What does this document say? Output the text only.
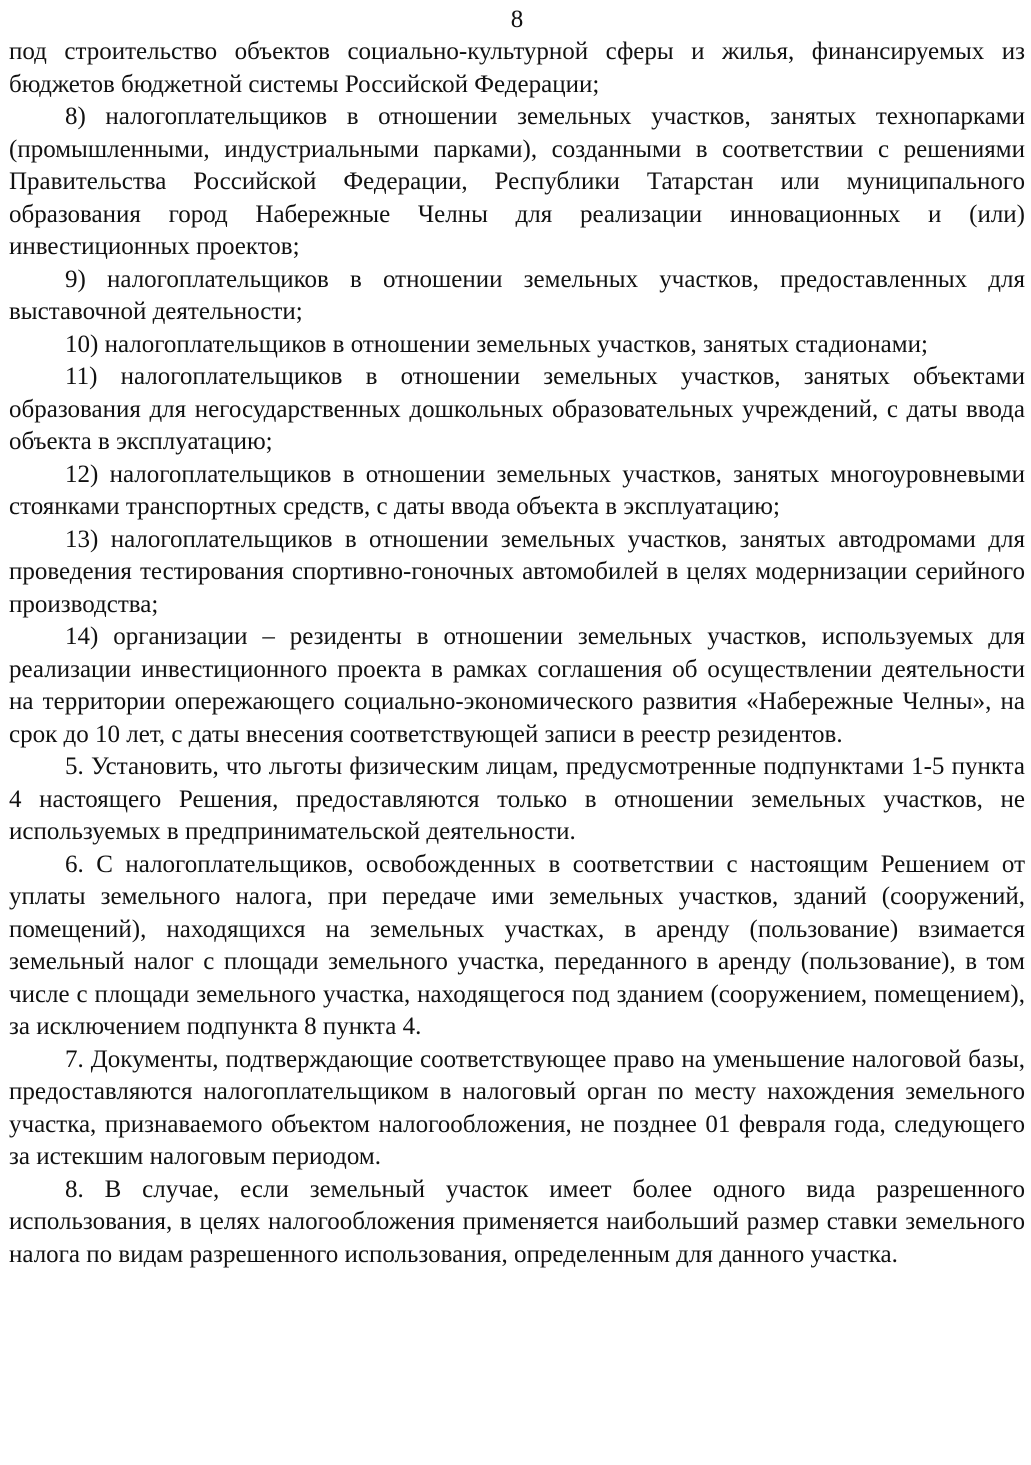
8

под строительство объектов социально-культурной сферы и жилья, финансируемых из бюджетов бюджетной системы Российской Федерации;

8) налогоплательщиков в отношении земельных участков, занятых технопарками (промышленными, индустриальными парками), созданными в соответствии с решениями Правительства Российской Федерации, Республики Татарстан или муниципального образования город Набережные Челны для реализации инновационных и (или) инвестиционных проектов;

9) налогоплательщиков в отношении земельных участков, предоставленных для выставочной деятельности;

10) налогоплательщиков в отношении земельных участков, занятых стадионами;

11) налогоплательщиков в отношении земельных участков, занятых объектами образования для негосударственных дошкольных образовательных учреждений, с даты ввода объекта в эксплуатацию;

12) налогоплательщиков в отношении земельных участков, занятых многоуровневыми стоянками транспортных средств, с даты ввода объекта в эксплуатацию;

13) налогоплательщиков в отношении земельных участков, занятых автодромами для проведения тестирования спортивно-гоночных автомобилей в целях модернизации серийного производства;

14) организации – резиденты в отношении земельных участков, используемых для реализации инвестиционного проекта в рамках соглашения об осуществлении деятельности на территории опережающего социально-экономического развития «Набережные Челны», на срок до 10 лет, с даты внесения соответствующей записи в реестр резидентов.

5. Установить, что льготы физическим лицам, предусмотренные подпунктами 1-5 пункта 4 настоящего Решения, предоставляются только в отношении земельных участков, не используемых в предпринимательской деятельности.

6. С налогоплательщиков, освобожденных в соответствии с настоящим Решением от уплаты земельного налога, при передаче ими земельных участков, зданий (сооружений, помещений), находящихся на земельных участках, в аренду (пользование) взимается земельный налог с площади земельного участка, переданного в аренду (пользование), в том числе с площади земельного участка, находящегося под зданием (сооружением, помещением), за исключением подпункта 8 пункта 4.

7. Документы, подтверждающие соответствующее право на уменьшение налоговой базы, предоставляются налогоплательщиком в налоговый орган по месту нахождения земельного участка, признаваемого объектом налогообложения, не позднее 01 февраля года, следующего за истекшим налоговым периодом.

8. В случае, если земельный участок имеет более одного вида разрешенного использования, в целях налогообложения применяется наибольший размер ставки земельного налога по видам разрешенного использования, определенным для данного участка.
